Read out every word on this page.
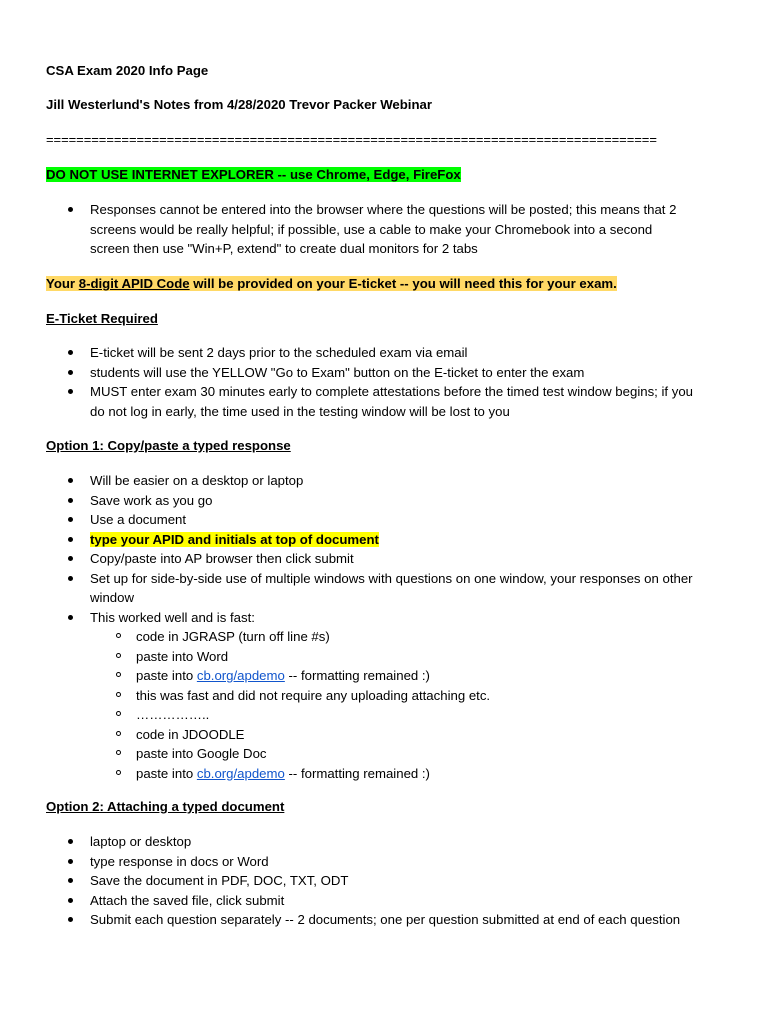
CSA Exam 2020 Info Page

Jill Westerlund's Notes from 4/28/2020 Trevor Packer Webinar

=================================================================================

DO NOT USE INTERNET EXPLORER -- use Chrome, Edge, FireFox

Responses cannot be entered into the browser where the questions will be posted; this means that 2
screens would be really helpful; if possible, use a cable to make your Chromebook into a second
screen then use "Win+P, extend" to create dual monitors for 2 tabs

Your 8-digit APID Code will be provided on your E-ticket -- you will need this for your exam.

E-Ticket Required

E-ticket will be sent 2 days prior to the scheduled exam via email
students will use the YELLOW "Go to Exam" button on the E-ticket to enter the exam
MUST enter exam 30 minutes early to complete attestations before the timed test window begins; if you
do not log in early, the time used in the testing window will be lost to you

Option 1: Copy/paste a typed response

Will be easier on a desktop or laptop
Save work as you go
Use a document
type your APID and initials at top of document
Copy/paste into AP browser then click submit
Set up for side-by-side use of multiple windows with questions on one window, your responses on other
window
This worked well and is fast:
code in JGRASP (turn off line #s)
paste into Word
paste into cb.org/apdemo -- formatting remained :)
this was fast and did not require any uploading attaching etc.
……………..
code in JDOODLE
paste into Google Doc
paste into cb.org/apdemo -- formatting remained :)

Option 2: Attaching a typed document

laptop or desktop
type response in docs or Word
Save the document in PDF, DOC, TXT, ODT
Attach the saved file, click submit
Submit each question separately -- 2 documents; one per question submitted at end of each question
